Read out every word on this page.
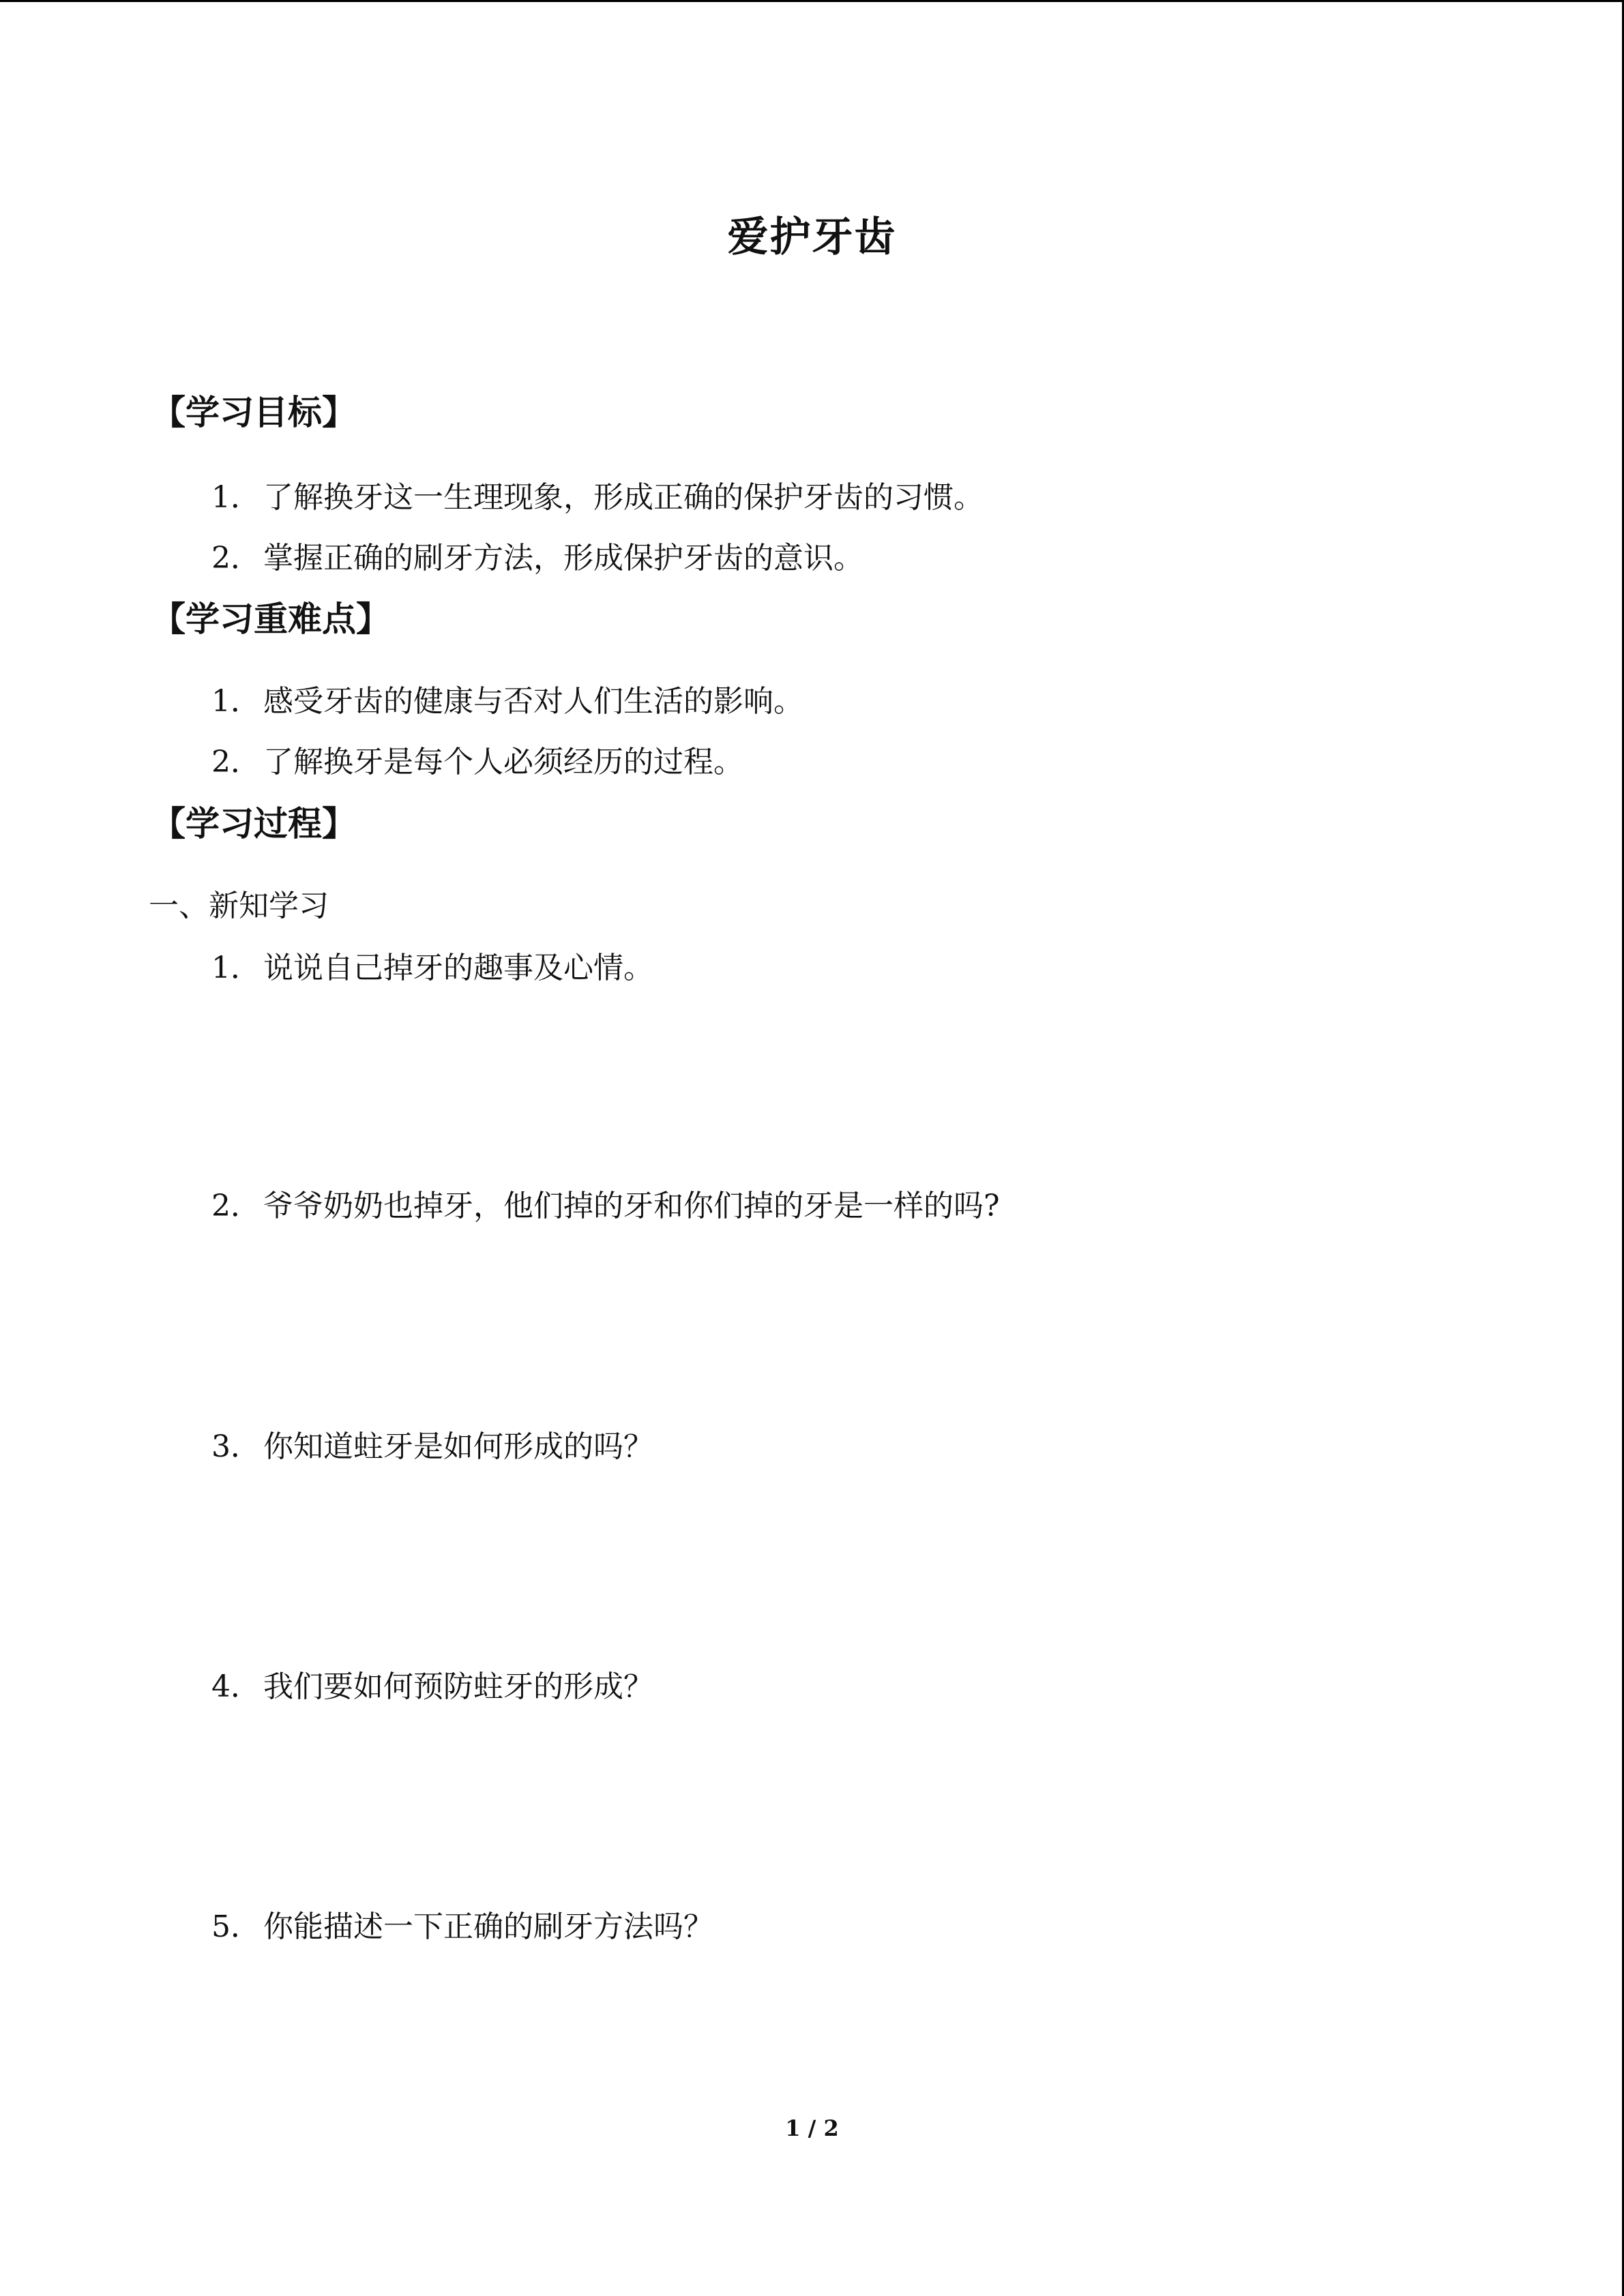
爱护牙齿
【学习目标】
1．了解换牙这一生理现象，形成正确的保护牙齿的习惯。
2．掌握正确的刷牙方法，形成保护牙齿的意识。
【学习重难点】
1．感受牙齿的健康与否对人们生活的影响。
2．了解换牙是每个人必须经历的过程。
【学习过程】
一、新知学习
1．说说自己掉牙的趣事及心情。
2．爷爷奶奶也掉牙，他们掉的牙和你们掉的牙是一样的吗?
3．你知道蛀牙是如何形成的吗？
4．我们要如何预防蛀牙的形成？
5．你能描述一下正确的刷牙方法吗？
1 / 2
